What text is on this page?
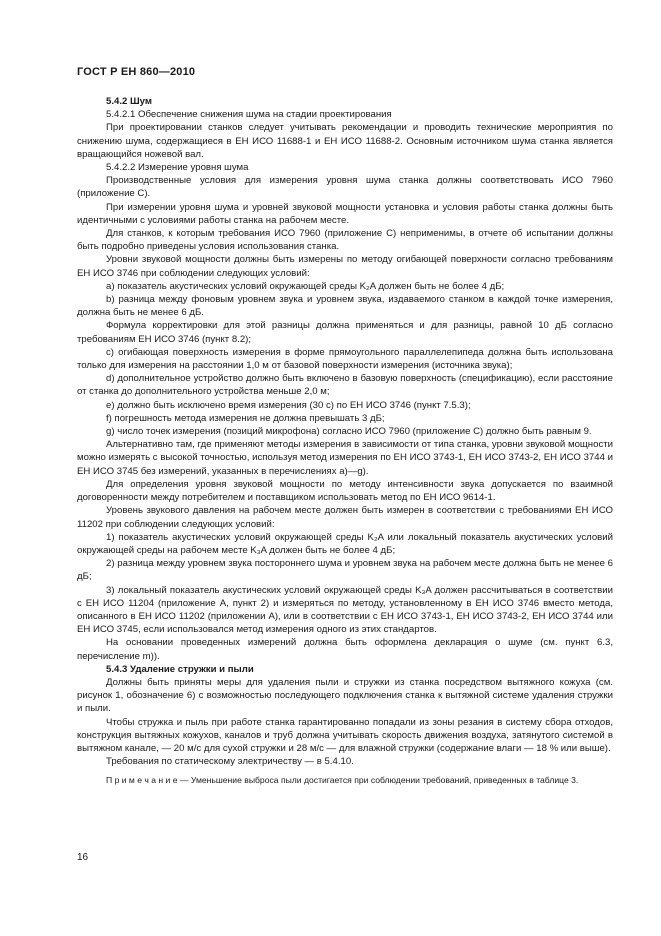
ГОСТ Р ЕН 860—2010

5.4.2 Шум

5.4.2.1 Обеспечение снижения шума на стадии проектирования

При проектировании станков следует учитывать рекомендации и проводить технические мероприятия по снижению шума, содержащиеся в ЕН ИСО 11688-1 и ЕН ИСО 11688-2. Основным источником шума станка является вращающийся ножевой вал.

5.4.2.2 Измерение уровня шума

Производственные условия для измерения уровня шума станка должны соответствовать ИСО 7960 (приложение С).

При измерении уровня шума и уровней звуковой мощности установка и условия работы станка должны быть идентичными с условиями работы станка на рабочем месте.

Для станков, к которым требования ИСО 7960 (приложение С) неприменимы, в отчете об испытании должны быть подробно приведены условия использования станка.

Уровни звуковой мощности должны быть измерены по методу огибающей поверхности согласно требованиям ЕН ИСО 3746 при соблюдении следующих условий:

а) показатель акустических условий окружающей среды K₂A должен быть не более 4 дБ;

b) разница между фоновым уровнем звука и уровнем звука, издаваемого станком в каждой точке измерения, должна быть не менее 6 дБ.

Формула корректировки для этой разницы должна применяться и для разницы, равной 10 дБ согласно требованиям ЕН ИСО 3746 (пункт 8.2);

с) огибающая поверхность измерения в форме прямоугольного параллелепипеда должна быть использована только для измерения на расстоянии 1,0 м от базовой поверхности измерения (источника звука);

d) дополнительное устройство должно быть включено в базовую поверхность (спецификацию), если расстояние от станка до дополнительного устройства меньше 2,0 м;

е) должно быть исключено время измерения (30 с) по ЕН ИСО 3746 (пункт 7.5.3);

f) погрешность метода измерения не должна превышать 3 дБ;

g) число точек измерения (позиций микрофона) согласно ИСО 7960 (приложение С) должно быть равным 9.

Альтернативно там, где применяют методы измерения в зависимости от типа станка, уровни звуковой мощности можно измерять с высокой точностью, используя метод измерения по ЕН ИСО 3743-1, ЕН ИСО 3743-2, ЕН ИСО 3744 и ЕН ИСО 3745 без измерений, указанных в перечислениях а)—g).

Для определения уровня звуковой мощности по методу интенсивности звука допускается по взаимной договоренности между потребителем и поставщиком использовать метод по ЕН ИСО 9614-1.

Уровень звукового давления на рабочем месте должен быть измерен в соответствии с требованиями ЕН ИСО 11202 при соблюдении следующих условий:

1) показатель акустических условий окружающей среды K₂A или локальный показатель акустических условий окружающей среды на рабочем месте K₃A должен быть не более 4 дБ;

2) разница между уровнем звука постороннего шума и уровнем звука на рабочем месте должна быть не менее 6 дБ;

3) локальный показатель акустических условий окружающей среды K₃A должен рассчитываться в соответствии с ЕН ИСО 11204 (приложение А, пункт 2) и измеряться по методу, установленному в ЕН ИСО 3746 вместо метода, описанного в ЕН ИСО 11202 (приложении А), или в соответствии с ЕН ИСО 3743-1, ЕН ИСО 3743-2, ЕН ИСО 3744 или ЕН ИСО 3745, если использовался метод измерения одного из этих стандартов.

На основании проведенных измерений должна быть оформлена декларация о шуме (см. пункт 6.3, перечисление m)).

5.4.3 Удаление стружки и пыли

Должны быть приняты меры для удаления пыли и стружки из станка посредством вытяжного кожуха (см. рисунок 1, обозначение 6) с возможностью последующего подключения станка к вытяжной системе удаления стружки и пыли.

Чтобы стружка и пыль при работе станка гарантированно попадали из зоны резания в систему сбора отходов, конструкция вытяжных кожухов, каналов и труб должна учитывать скорость движения воздуха, затянутого системой в вытяжном канале, — 20 м/с для сухой стружки и 28 м/с — для влажной стружки (содержание влаги — 18 % или выше).

Требования по статическому электричеству — в 5.4.10.

П р и м е ч а н и е — Уменьшение выброса пыли достигается при соблюдении требований, приведенных в таблице 3.

16
